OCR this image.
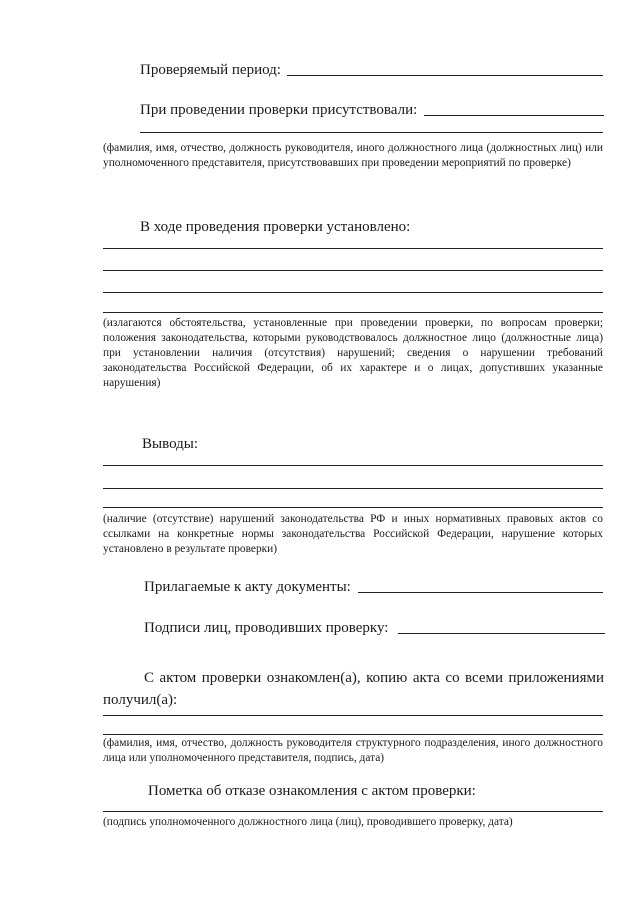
Проверяемый период:
При проведении проверки присутствовали:
(фамилия, имя, отчество, должность руководителя, иного должностного лица (должностных лиц) или уполномоченного представителя, присутствовавших при проведении мероприятий по проверке)
В ходе проведения проверки установлено:
(излагаются обстоятельства, установленные при проведении проверки, по вопросам проверки; положения законодательства, которыми руководствовалось должностное лицо (должностные лица) при установлении наличия (отсутствия) нарушений; сведения о нарушении требований законодательства Российской Федерации, об их характере и о лицах, допустивших указанные нарушения)
Выводы:
(наличие (отсутствие) нарушений законодательства РФ и иных нормативных правовых актов со ссылками на конкретные нормы законодательства Российской Федерации, нарушение которых установлено в результате проверки)
Прилагаемые к акту документы:
Подписи лиц, проводивших проверку:
С актом проверки ознакомлен(а), копию акта со всеми приложениями
получил(а):
(фамилия, имя, отчество, должность руководителя структурного подразделения, иного должностного лица или уполномоченного представителя, подпись, дата)
Пометка об отказе ознакомления с актом проверки:
(подпись уполномоченного должностного лица (лиц), проводившего проверку, дата)
